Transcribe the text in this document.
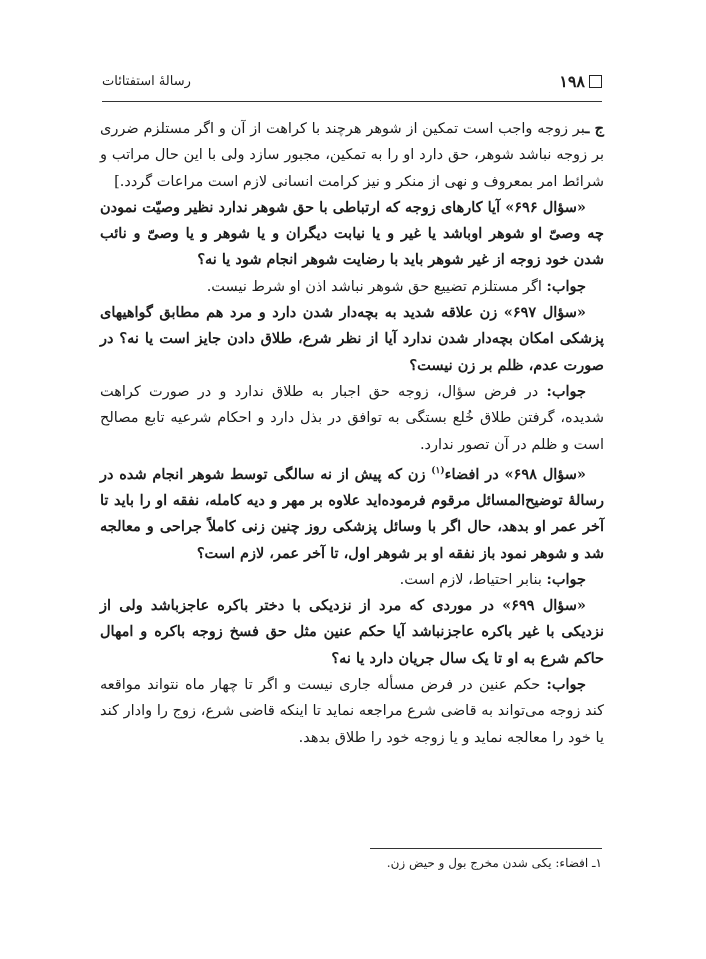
۱۹۸
رسالهٔ استفتائات

ج ـبر زوجه واجب است تمکین از شوهر هرچند با کراهت از آن و اگر مستلزم ضرری بر زوجه نباشد شوهر، حق دارد او را به تمکین، مجبور سازد ولی با این حال مراتب و شرائط امر بمعروف و نهی از منکر و نیز کرامت انسانی لازم است مراعات گردد.]

«سؤال ۶۹۶» آیا کارهای زوجه که ارتباطی با حق شوهر ندارد نظیر وصیّت نمودن چه وصیّ او شوهر اوباشد یا غیر و یا نیابت دیگران و یا شوهر و یا وصیّ و نائب شدن خود زوجه از غیر شوهر باید با رضایت شوهر انجام شود یا نه؟

جواب: اگر مستلزم تضییع حق شوهر نباشد اذن او شرط نیست.

«سؤال ۶۹۷» زن علاقه شدید به بچه‌دار شدن دارد و مرد هم مطابق گواهیهای پزشکی امکان بچه‌دار شدن ندارد آیا از نظر شرع، طلاق دادن جایز است یا نه؟ در صورت عدم، ظلم بر زن نیست؟

جواب: در فرض سؤال، زوجه حق اجبار به طلاق ندارد و در صورت کراهت شدیده، گرفتن طلاق خُلع بستگی به توافق در بذل دارد و احکام شرعیه تابع مصالح است و ظلم در آن تصور ندارد.

«سؤال ۶۹۸» در افضاء$^{(۱)}$ زن که پیش از نه سالگی توسط شوهر انجام شده در رسالهٔ توضیح‌المسائل مرقوم فرموده‌اید علاوه بر مهر و دیه کامله، نفقه او را باید تا آخر عمر او بدهد، حال اگر با وسائل پزشکی روز چنین زنی کاملاً جراحی و معالجه شد و شوهر نمود باز نفقه او بر شوهر اول، تا آخر عمر، لازم است؟

جواب: بنابر احتیاط، لازم است.

«سؤال ۶۹۹» در موردی که مرد از نزدیکی با دختر باکره عاجزباشد ولی از نزدیکی با غیر باکره عاجزنباشد آیا حکم عنین مثل حق فسخ زوجه باکره و امهال حاکم شرع به او تا یک سال جریان دارد یا نه؟

جواب: حکم عنین در فرض مسأله جاری نیست و اگر تا چهار ماه نتواند مواقعه کند زوجه می‌تواند به قاضی شرع مراجعه نماید تا اینکه قاضی شرع، زوج را وادار کند یا خود را معالجه نماید و یا زوجه خود را طلاق بدهد.

۱ـ افضاء: یکی شدن مخرج بول و حیض زن.
